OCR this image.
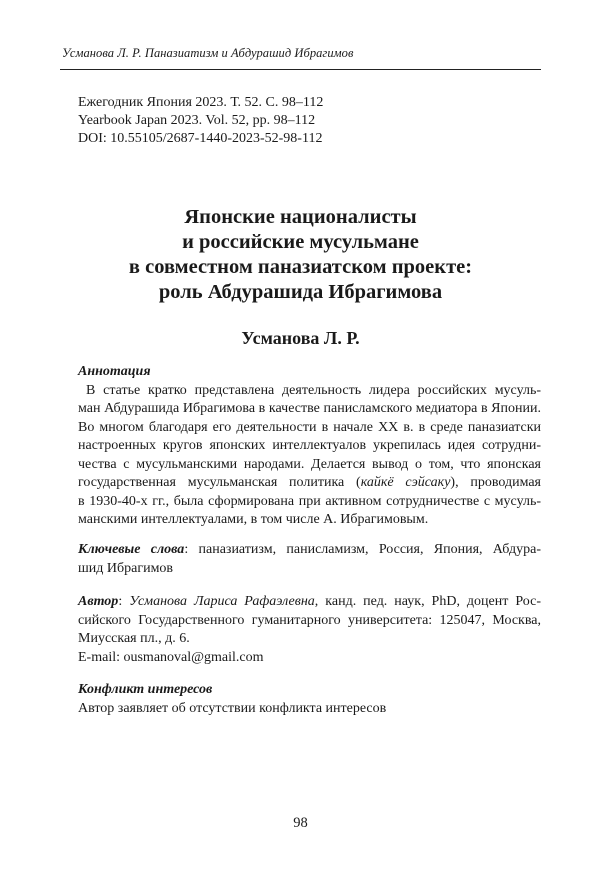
Усманова Л. Р. Паназиатизм и Абдурашид Ибрагимов
Ежегодник Япония 2023. Т. 52. С. 98–112
Yearbook Japan 2023. Vol. 52, pp. 98–112
DOI: 10.55105/2687-1440-2023-52-98-112
Японские националисты
и российские мусульмане
в совместном паназиатском проекте:
роль Абдурашида Ибрагимова
Усманова Л. Р.
Аннотация
В статье кратко представлена деятельность лидера российских мусуль-
ман Абдурашида Ибрагимова в качестве панисламского медиатора в Японии.
Во многом благодаря его деятельности в начале XX в. в среде паназиатски
настроенных кругов японских интеллектуалов укрепилась идея сотрудни-
чества с мусульманскими народами. Делается вывод о том, что японская
государственная мусульманская политика (кайкё сэйсаку), проводимая
в 1930-40-х гг., была сформирована при активном сотрудничестве с мусуль-
манскими интеллектуалами, в том числе А. Ибрагимовым.
Ключевые слова: паназиатизм, панисламизм, Россия, Япония, Абдура-
шид Ибрагимов
Автор: Усманова Лариса Рафаэлевна, канд. пед. наук, PhD, доцент Рос-
сийского Государственного гуманитарного университета: 125047, Москва,
Миусская пл., д. 6.
E-mail: ousmanoval@gmail.com
Конфликт интересов
Автор заявляет об отсутствии конфликта интересов
98
